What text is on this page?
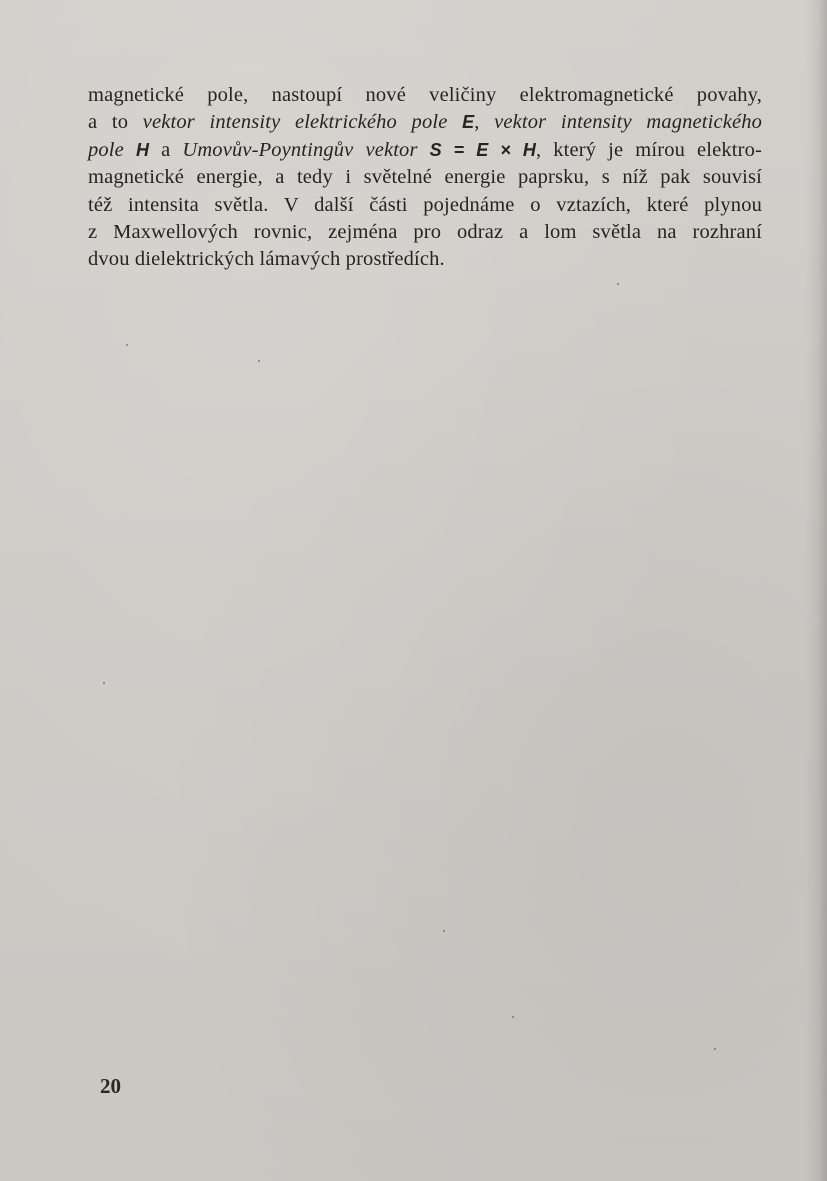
magnetické pole, nastoupí nové veličiny elektromagnetické povahy,
a to vektor intensity elektrického pole E, vektor intensity magnetického
pole H a Umovův-Poyntingův vektor S = E × H, který je mírou elektro-
magnetické energie, a tedy i světelné energie paprsku, s níž pak souvisí
též intensita světla. V další části pojednáme o vztazích, které plynou
z Maxwellových rovnic, zejména pro odraz a lom světla na rozhraní
dvou dielektrických lámavých prostředích.
20
